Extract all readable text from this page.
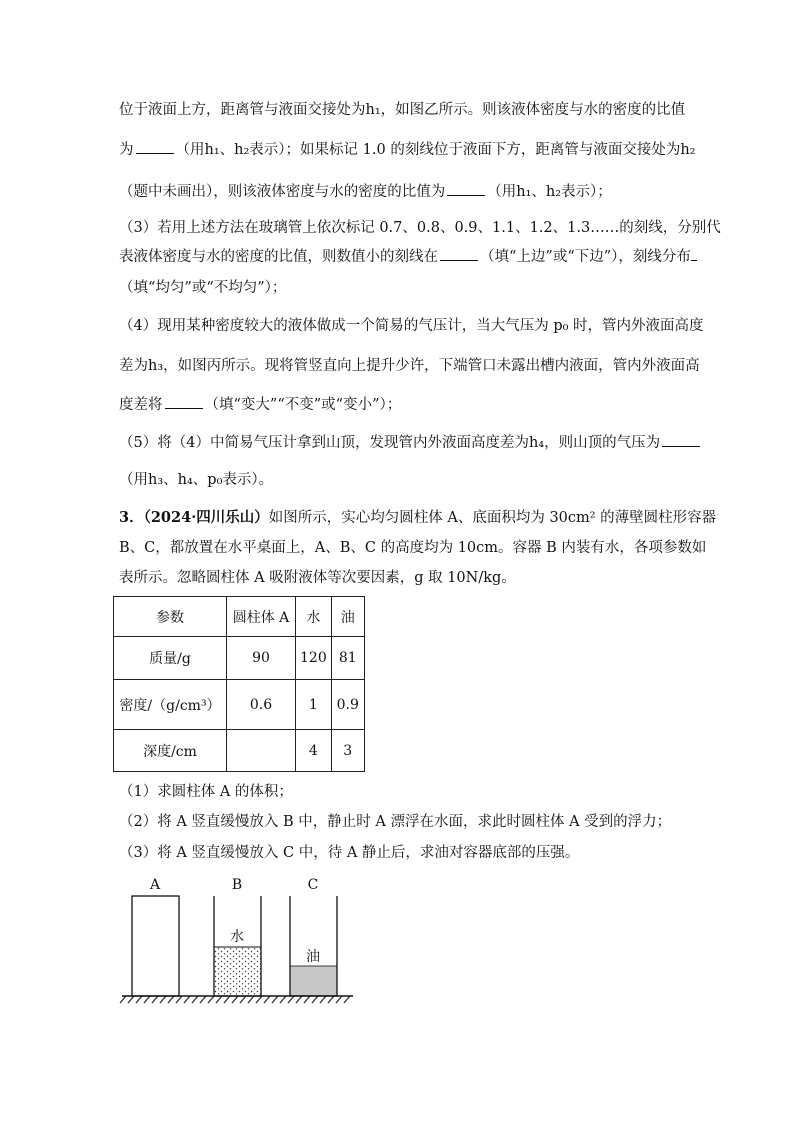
位于液面上方，距离管与液面交接处为h₁，如图乙所示。则该液体密度与水的密度的比值
为	（用h₁、h₂表示）；如果标记 1.0 的刻线位于液面下方，距离管与液面交接处为h₂
（题中未画出），则该液体密度与水的密度的比值为	（用h₁、h₂表示）；
（3）若用上述方法在玻璃管上依次标记 0.7、0.8、0.9、1.1、1.2、1.3……的刻线，分别代
表液体密度与水的密度的比值，则数值小的刻线在	（填“上边”或“下边”），刻线分布
（填“均匀”或“不均匀”）；
（4）现用某种密度较大的液体做成一个简易的气压计，当大气压为 p₀ 时，管内外液面高度
差为h₃，如图丙所示。现将管竖直向上提升少许，下端管口未露出槽内液面，管内外液面高
度差将	（填“变大”“不变”或“变小”）；
（5）将（4）中简易气压计拿到山顶，发现管内外液面高度差为h₄，则山顶的气压为
（用h₃、h₄、p₀表示）。
3．（2024·四川乐山）如图所示，实心均匀圆柱体 A、底面积均为 30cm² 的薄壁圆柱形容器
B、C，都放置在水平桌面上，A、B、C 的高度均为 10cm。容器 B 内装有水，各项参数如
表所示。忽略圆柱体 A 吸附液体等次要因素，g 取 10N/kg。
参数	圆柱体 A	水	油
质量/g	90	120	81
密度/（g/cm³）	0.6	1	0.9
深度/cm		4	3
（1）求圆柱体 A 的体积；
（2）将 A 竖直缓慢放入 B 中，静止时 A 漂浮在水面，求此时圆柱体 A 受到的浮力；
（3）将 A 竖直缓慢放入 C 中，待 A 静止后，求油对容器底部的压强。
A	B	C
水
油
